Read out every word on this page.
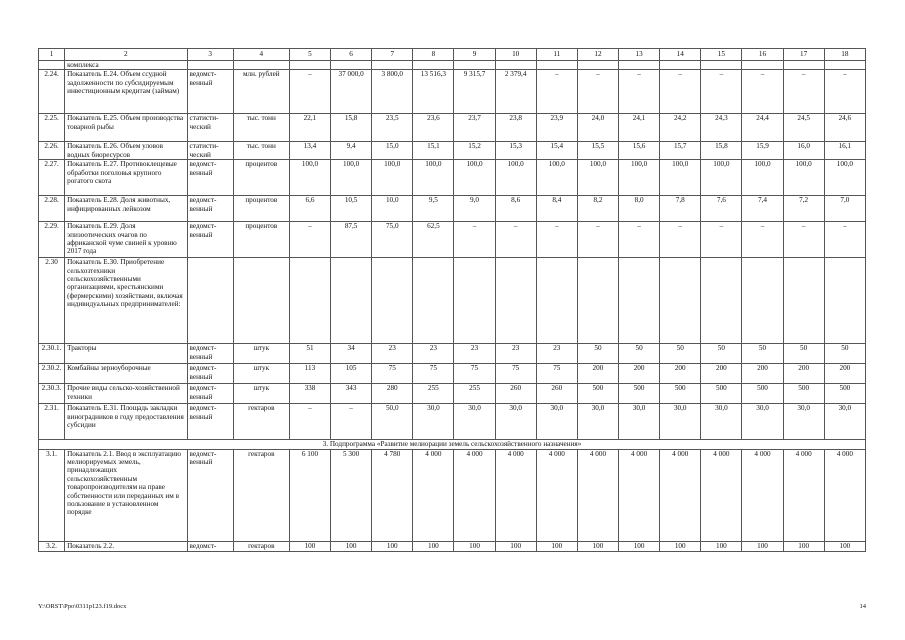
1	2	3	4	5	6	7	8	9	10	11	12	13	14	15	16	17	18
	комплекса																
2.24.	Показатель Е.24. Объем ссудной задолженности по субсидируемым инвестиционным кредитам (займам)	ведомст-венный	млн. рублей	–	37 000,0	3 800,0	13 516,3	9 315,7	2 379,4	–	–	–	–	–	–	–	–
2.25.	Показатель Е.25. Объем производства товарной рыбы	статисти-ческий	тыс. тонн	22,1	15,8	23,5	23,6	23,7	23,8	23,9	24,0	24,1	24,2	24,3	24,4	24,5	24,6
2.26.	Показатель Е.26. Объем уловов водных биоресурсов	статисти-ческий	тыс. тонн	13,4	9,4	15,0	15,1	15,2	15,3	15,4	15,5	15,6	15,7	15,8	15,9	16,0	16,1
2.27.	Показатель Е.27. Противоклещевые обработки поголовья крупного рогатого скота	ведомст-венный	процентов	100,0	100,0	100,0	100,0	100,0	100,0	100,0	100,0	100,0	100,0	100,0	100,0	100,0	100,0
2.28.	Показатель Е.28. Доля животных, инфицированных лейкозом	ведомст-венный	процентов	6,6	10,5	10,0	9,5	9,0	8,6	8,4	8,2	8,0	7,8	7,6	7,4	7,2	7,0
2.29.	Показатель Е.29. Доля эпизоотических очагов по африканской чуме свиней к уровню 2017 года	ведомст-венный	процентов	–	87,5	75,0	62,5	–	–	–	–	–	–	–	–	–	–
2.30	Показатель Е.30. Приобретение сельхозтехники сельскохозяйственными организациями, крестьянскими (фермерскими) хозяйствами, включая индивидуальных предпринимателей:																
2.30.1.	Тракторы	ведомст-венный	штук	51	34	23	23	23	23	23	50	50	50	50	50	50	50
2.30.2.	Комбайны зерноуборочные	ведомст-венный	штук	113	105	75	75	75	75	75	200	200	200	200	200	200	200
2.30.3.	Прочие виды сельско-хозяйственной техники	ведомст-венный	штук	338	343	280	255	255	260	260	500	500	500	500	500	500	500
2.31.	Показатель Е.31. Площадь закладки виноградников в году предоставления субсидии	ведомст-венный	гектаров	–	–	50,0	30,0	30,0	30,0	30,0	30,0	30,0	30,0	30,0	30,0	30,0	30,0
3. Подпрограмма «Развитие мелиорации земель сельскохозяйственного назначения»																	
3.1.	Показатель 2.1. Ввод в эксплуатацию мелиорируемых земель, принадлежащих сельскохозяйственным товаропроизводителям на праве собственности или переданных им в пользование в установленном порядке	ведомст-венный	гектаров	6 100	5 300	4 780	4 000	4 000	4 000	4 000	4 000	4 000	4 000	4 000	4 000	4 000	4 000
3.2.	Показатель 2.2.	ведомст-	гектаров	100	100	100	100	100	100	100	100	100	100	100	100	100	100
Y:\ORST\Ppo\0311p123.f19.docx	14
